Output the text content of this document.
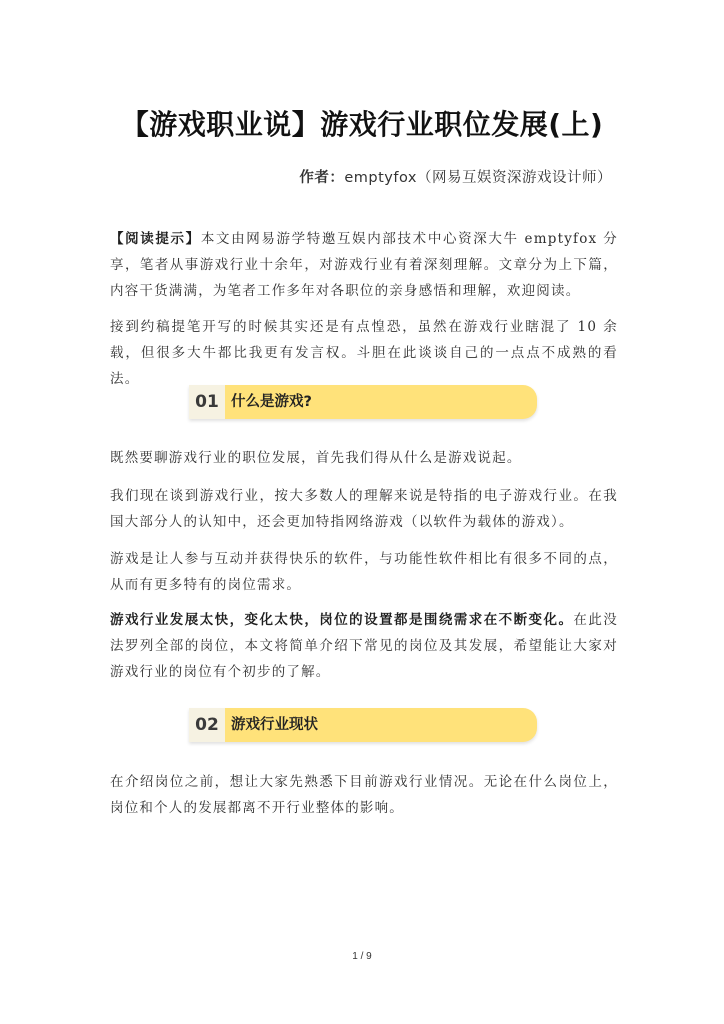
【游戏职业说】游戏行业职位发展(上)
作者：emptyfox（网易互娱资深游戏设计师）
【阅读提示】本文由网易游学特邀互娱内部技术中心资深大牛 emptyfox 分享，笔者从事游戏行业十余年，对游戏行业有着深刻理解。文章分为上下篇，内容干货满满，为笔者工作多年对各职位的亲身感悟和理解，欢迎阅读。
接到约稿提笔开写的时候其实还是有点惶恐，虽然在游戏行业瞎混了 10 余载，但很多大牛都比我更有发言权。斗胆在此谈谈自己的一点点不成熟的看法。
01 什么是游戏?
既然要聊游戏行业的职位发展，首先我们得从什么是游戏说起。
我们现在谈到游戏行业，按大多数人的理解来说是特指的电子游戏行业。在我国大部分人的认知中，还会更加特指网络游戏（以软件为载体的游戏）。
游戏是让人参与互动并获得快乐的软件，与功能性软件相比有很多不同的点，从而有更多特有的岗位需求。
游戏行业发展太快，变化太快，岗位的设置都是围绕需求在不断变化。在此没法罗列全部的岗位，本文将简单介绍下常见的岗位及其发展，希望能让大家对游戏行业的岗位有个初步的了解。
02 游戏行业现状
在介绍岗位之前，想让大家先熟悉下目前游戏行业情况。无论在什么岗位上，岗位和个人的发展都离不开行业整体的影响。
1 / 9
